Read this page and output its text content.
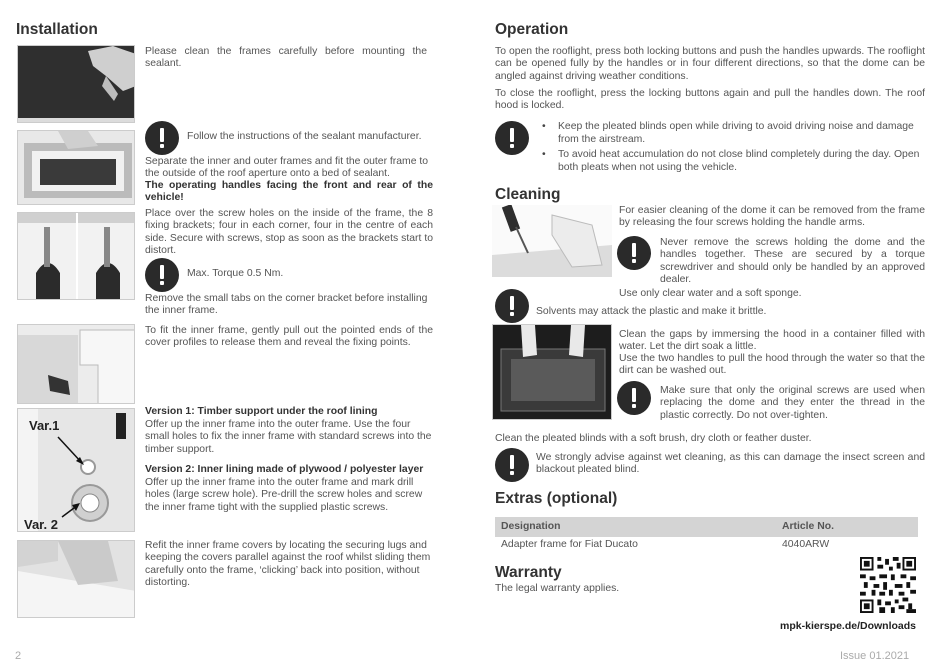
Installation
Please clean the frames carefully before mounting the sealant.
Follow the instructions of the sealant manufacturer.
Separate the inner and outer frames and fit the outer frame to the outside of the roof aperture onto a bed of sealant.
The operating handles facing the front and rear of the vehicle!
Place over the screw holes on the inside of the frame, the 8 fixing brackets; four in each corner, four in the centre of each side. Secure with screws, stop as soon as the brackets start to distort.
Max. Torque 0.5 Nm.
Remove the small tabs on the corner bracket before installing the inner frame.
To fit the inner frame, gently pull out the pointed ends of the cover profiles to release them and reveal the fixing points.
Var.1
Var. 2
Version 1: Timber support under the roof lining
Offer up the inner frame into the outer frame. Use the four small holes to fix the inner frame with standard screws into the timber support.
Version 2: Inner lining made of plywood / polyester layer
Offer up the inner frame into the outer frame and mark drill holes (large screw hole). Pre-drill the screw holes and screw the inner frame tight with the supplied plastic screws.
Refit the inner frame covers by locating the securing lugs and keeping the covers parallel against the roof whilst sliding them carefully onto the frame, ‘clicking’ back into position, without distorting.
Operation
To open the rooflight, press both locking buttons and push the handles upwards. The rooflight can be opened fully by the handles or in four different directions, so that the dome can be angled against driving weather conditions.
To close the rooflight, press the locking buttons again and pull the handles down. The roof hood is locked.
• Keep the pleated blinds open while driving to avoid driving noise and damage from the airstream.
• To avoid heat accumulation do not close blind completely during the day. Open both pleats when not using the vehicle.
Cleaning
For easier cleaning of the dome it can be removed from the frame by releasing the four screws holding the handle arms.
Never remove the screws holding the dome and the handles together. These are secured by a torque screwdriver and should only be handled by an approved dealer.
Use only clear water and a soft sponge.
Solvents may attack the plastic and make it brittle.
Clean the gaps by immersing the hood in a container filled with water. Let the dirt soak a little.
Use the two handles to pull the hood through the water so that the dirt can be washed out.
Make sure that only the original screws are used when replacing the dome and they enter the thread in the plastic correctly. Do not over-tighten.
Clean the pleated blinds with a soft brush, dry cloth or feather duster.
We strongly advise against wet cleaning, as this can damage the insect screen and blackout pleated blind.
Extras (optional)
Designation	Article No.
Adapter frame for Fiat Ducato	4040ARW
Warranty
The legal warranty applies.
mpk-kierspe.de/Downloads
2	Issue 01.2021
